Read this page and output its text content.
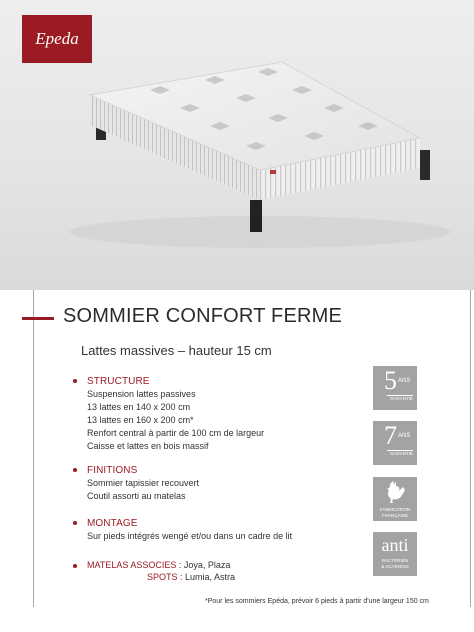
Epeda
SOMMIER CONFORT FERME
Lattes massives – hauteur 15 cm
STRUCTURE
Suspension lattes passives
13 lattes en 140 x 200 cm
13 lattes en 160 x 200 cm*
Renfort central à partir de 100 cm de largeur
Caisse et lattes en bois massif
FINITIONS
Sommier tapissier recouvert
Coutil assorti au matelas
MONTAGE
Sur pieds intégrés wengé et/ou dans un cadre de lit
MATELAS ASSOCIES : Joya, Plaza
SPOTS : Lumia, Astra
*Pour les sommiers Epéda, prévoir 6 pieds à partir d'une largeur 150 cm
5 ANS
GARANTIE
7 ANS
GARANTIE
FABRICATION
FRANÇAISE
anti
BACTÉRIEN
& ACARIENS
